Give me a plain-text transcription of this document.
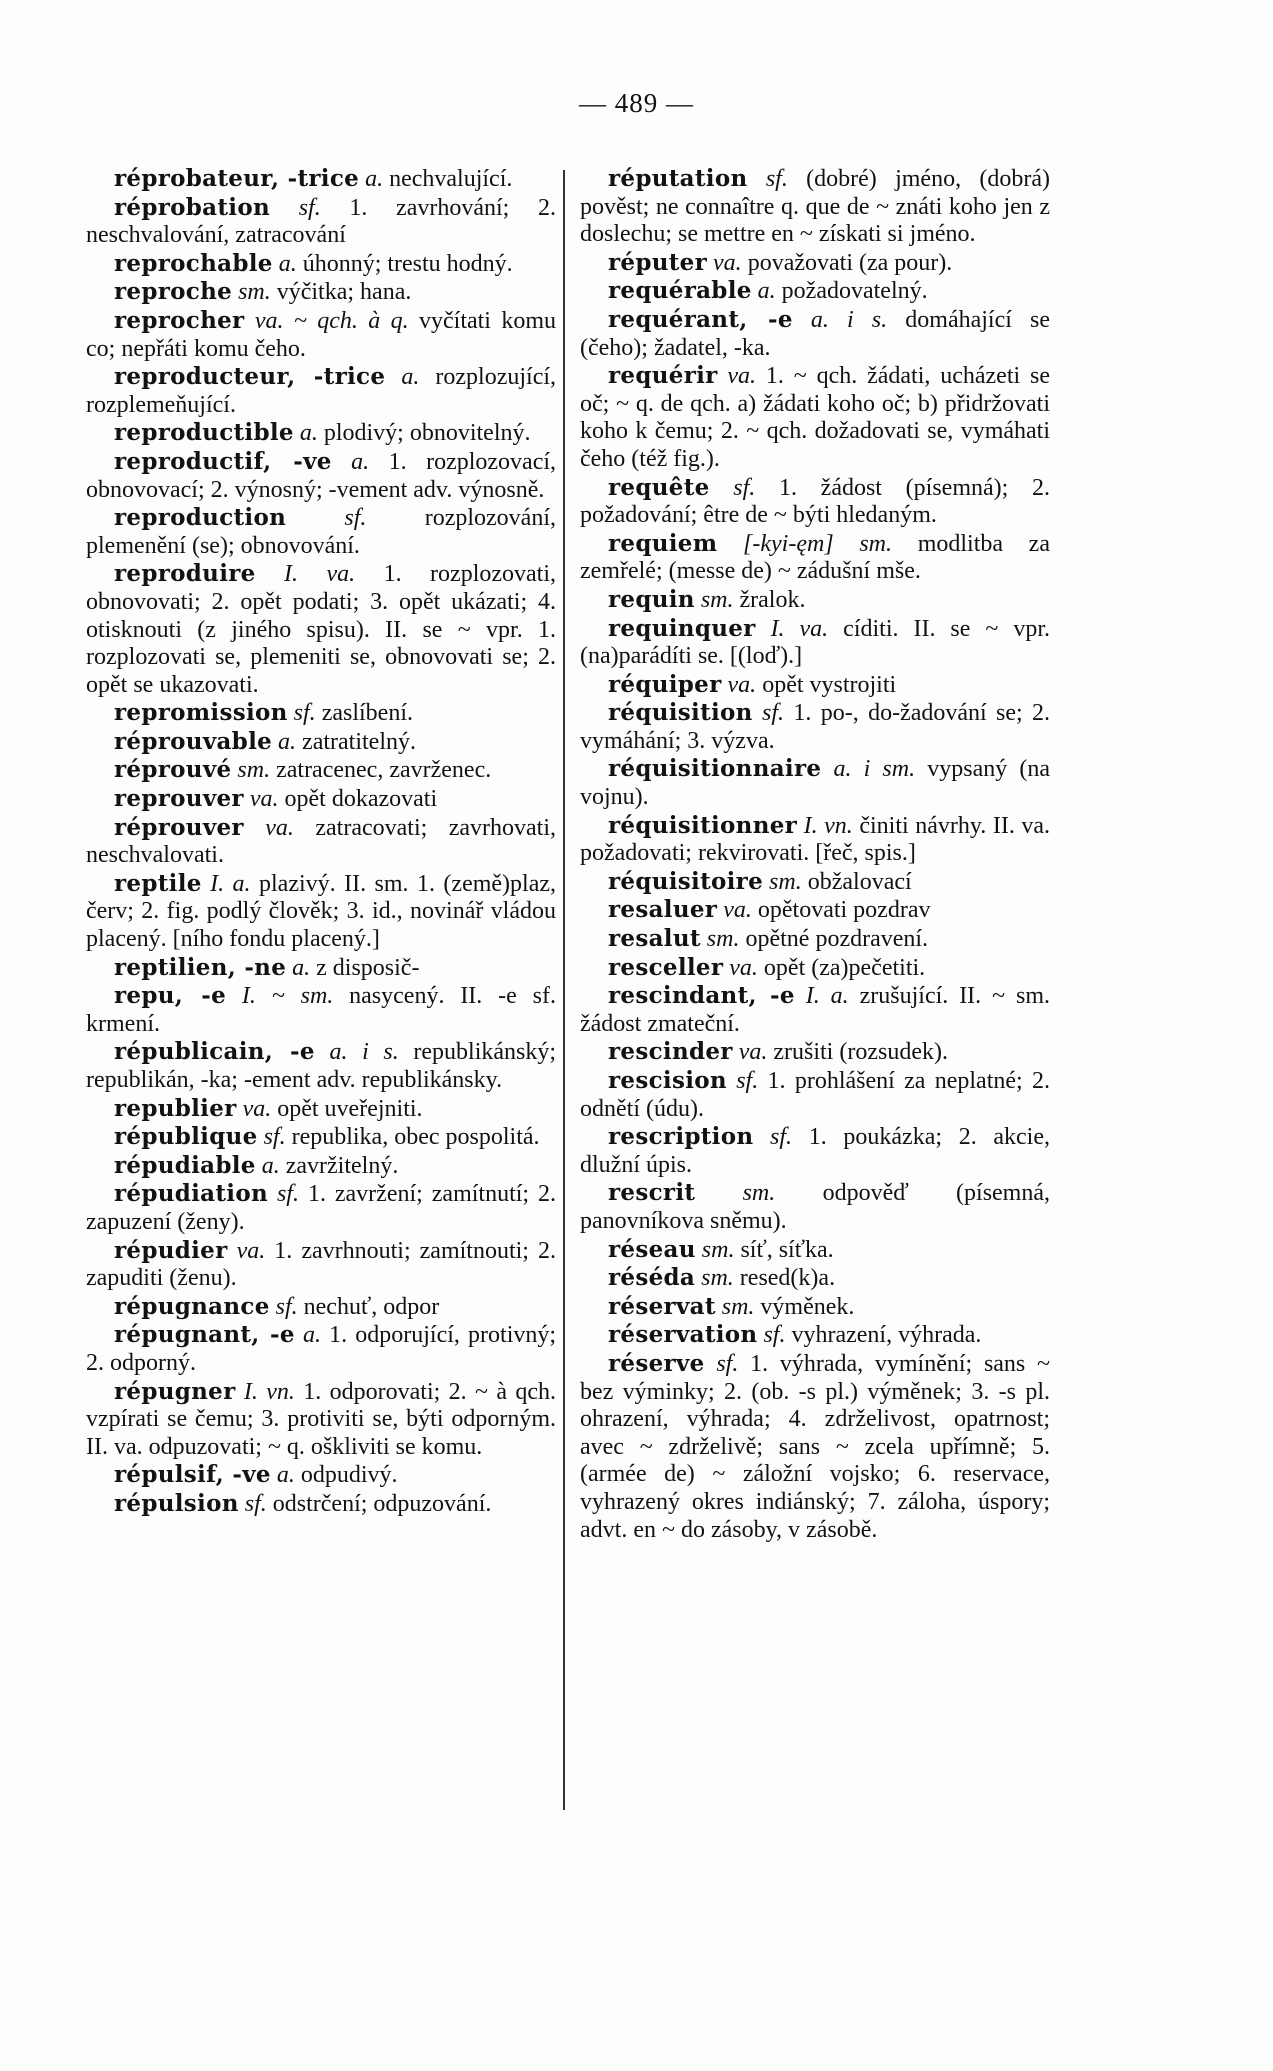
— 489 —

réprobateur, -trice a. nechvalující.

réprobation sf. 1. zavrhování; 2. neschvalování, zatracování

reprochable a. úhonný; trestu hodný.

reproche sm. výčitka; hana.

reprocher va. ~ qch. à q. vyčítati komu co; nepřáti komu čeho.

reproducteur, -trice a. rozplozující, rozplemeňující.

reproductible a. plodivý; obnovitelný.

reproductif, -ve a. 1. rozplozovací, obnovovací; 2. výnosný; -vement adv. výnosně.

reproduction sf. rozplozování, plemenění (se); obnovování.

reproduire I. va. 1. rozplozovati, obnovovati; 2. opět podati; 3. opět ukázati; 4. otisknouti (z jiného spisu). II. se ~ vpr. 1. rozplozovati se, plemeniti se, obnovovati se; 2. opět se ukazovati.

repromission sf. zaslíbení.

réprouvable a. zatratitelný.

réprouvé sm. zatracenec, zavrženec.

reprouver va. opět dokazovati

réprouver va. zatracovati; zavrhovati, neschvalovati.

reptile I. a. plazivý. II. sm. 1. (země)plaz, červ; 2. fig. podlý člověk; 3. id., novinář vládou placený. [ního fondu placený.]

reptilien, -ne a. z disposič-

repu, -e I. ~ sm. nasycený. II. -e sf. krmení.

républicain, -e a. i s. republikánský; republikán, -ka; -ement adv. republikánsky.

republier va. opět uveřejniti.

république sf. republika, obec pospolitá.

répudiable a. zavržitelný.

répudiation sf. 1. zavržení; zamítnutí; 2. zapuzení (ženy).

répudier va. 1. zavrhnouti; zamítnouti; 2. zapuditi (ženu).

répugnance sf. nechuť, odpor

répugnant, -e a. 1. odporující, protivný; 2. odporný.

répugner I. vn. 1. odporovati; 2. ~ à qch. vzpírati se čemu; 3. protiviti se, býti odporným. II. va. odpuzovati; ~ q. oškliviti se komu.

répulsif, -ve a. odpudivý.

répulsion sf. odstrčení; odpuzování.

réputation sf. (dobré) jméno, (dobrá) pověst; ne connaître q. que de ~ znáti koho jen z doslechu; se mettre en ~ získati si jméno.

réputer va. považovati (za pour).

requérable a. požadovatelný.

requérant, -e a. i s. domáhající se (čeho); žadatel, -ka.

requérir va. 1. ~ qch. žádati, ucházeti se oč; ~ q. de qch. a) žádati koho oč; b) přidržovati koho k čemu; 2. ~ qch. dožadovati se, vymáhati čeho (též fig.).

requête sf. 1. žádost (písemná); 2. požadování; être de ~ býti hledaným.

requiem [-kyi-ęm] sm. modlitba za zemřelé; (messe de) ~ zádušní mše.

requin sm. žralok.

requinquer I. va. cíditi. II. se ~ vpr. (na)parádíti se. [(loď).]

réquiper va. opět vystrojiti

réquisition sf. 1. po-, do-žadování se; 2. vymáhání; 3. výzva.

réquisitionnaire a. i sm. vypsaný (na vojnu).

réquisitionner I. vn. činiti návrhy. II. va. požadovati; rekvirovati. [řeč, spis.]

réquisitoire sm. obžalovací

resaluer va. opětovati pozdrav

resalut sm. opětné pozdravení.

resceller va. opět (za)pečetiti.

rescindant, -e I. a. zrušující. II. ~ sm. žádost zmateční.

rescinder va. zrušiti (rozsudek).

rescision sf. 1. prohlášení za neplatné; 2. odnětí (údu).

rescription sf. 1. poukázka; 2. akcie, dlužní úpis.

rescrit sm. odpověď (písemná, panovníkova sněmu).

réseau sm. síť, síťka.

réséda sm. resed(k)a.

réservat sm. výměnek.

réservation sf. vyhrazení, výhrada.

réserve sf. 1. výhrada, vymínění; sans ~ bez výminky; 2. (ob. -s pl.) výměnek; 3. -s pl. ohrazení, výhrada; 4. zdrželivost, opatrnost; avec ~ zdrželivě; sans ~ zcela upřímně; 5. (armée de) ~ záložní vojsko; 6. reservace, vyhrazený okres indiánský; 7. záloha, úspory; advt. en ~ do zásoby, v zásobě.
